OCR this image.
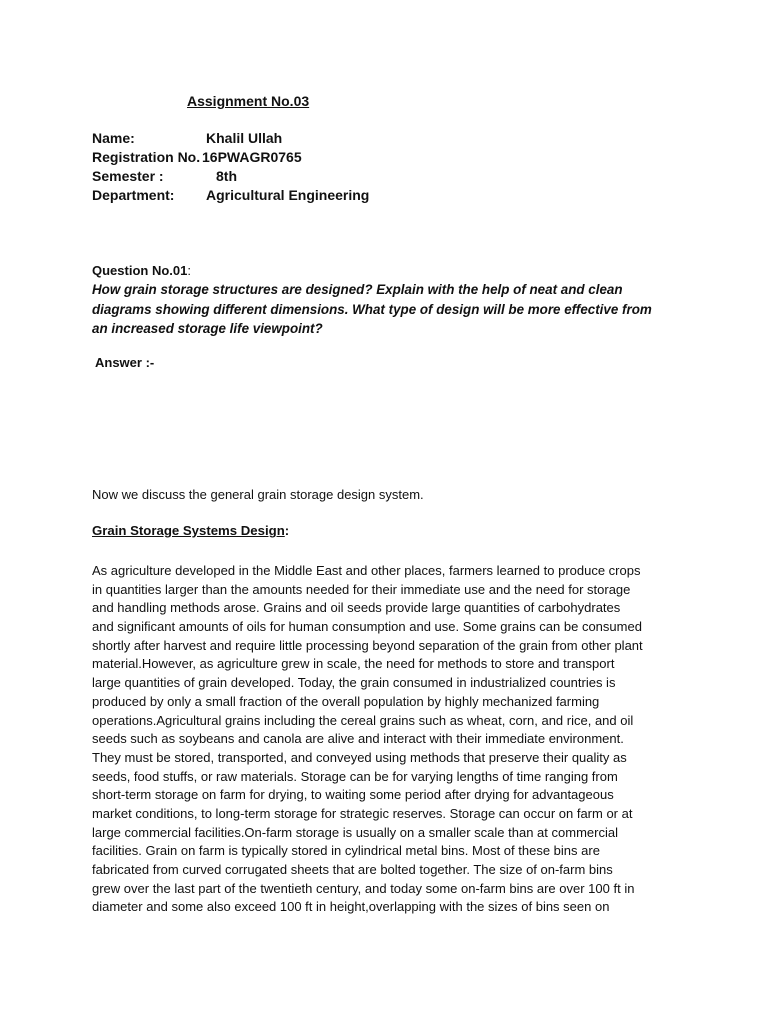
Assignment No.03
Name:	Khalil Ullah
Registration No. 16PWAGR0765
Semester :	8th
Department: Agricultural Engineering
Question No.01:
How grain storage structures are designed? Explain with the help of neat and clean
diagrams showing different dimensions. What type of design will be more effective from
an increased storage life viewpoint?
Answer :-
Now we discuss the general grain storage design system.
Grain Storage Systems Design:
As agriculture developed in the Middle East and other places, farmers learned to produce crops
in quantities larger than the amounts needed for their immediate use and the need for storage
and handling methods arose. Grains and oil seeds provide large quantities of carbohydrates
and significant amounts of oils for human consumption and use. Some grains can be consumed
shortly after harvest and require little processing beyond separation of the grain from other plant
material.However, as agriculture grew in scale, the need for methods to store and transport
large quantities of grain developed. Today, the grain consumed in industrialized countries is
produced by only a small fraction of the overall population by highly mechanized farming
operations.Agricultural grains including the cereal grains such as wheat, corn, and rice, and oil
seeds such as soybeans and canola are alive and interact with their immediate environment.
They must be stored, transported, and conveyed using methods that preserve their quality as
seeds, food stuffs, or raw materials. Storage can be for varying lengths of time ranging from
short-term storage on farm for drying, to waiting some period after drying for advantageous
market conditions, to long-term storage for strategic reserves. Storage can occur on farm or at
large commercial facilities.On-farm storage is usually on a smaller scale than at commercial
facilities. Grain on farm is typically stored in cylindrical metal bins. Most of these bins are
fabricated from curved corrugated sheets that are bolted together. The size of on-farm bins
grew over the last part of the twentieth century, and today some on-farm bins are over 100 ft in
diameter and some also exceed 100 ft in height,overlapping with the sizes of bins seen on
